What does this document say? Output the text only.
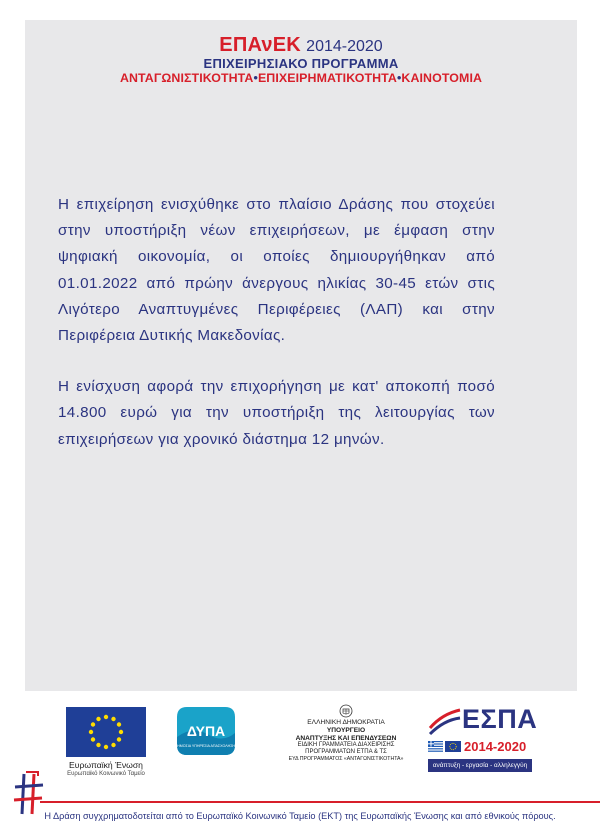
ΕΠΑνΕΚ 2014-2020
ΕΠΙΧΕΙΡΗΣΙΑΚΟ ΠΡΟΓΡΑΜΜΑ
ΑΝΤΑΓΩΝΙΣΤΙΚΟΤΗΤΑ•ΕΠΙΧΕΙΡΗΜΑΤΙΚΟΤΗΤΑ•ΚΑΙΝΟΤΟΜΙΑ

Η επιχείρηση ενισχύθηκε στο πλαίσιο Δράσης που στοχεύει στην υποστήριξη νέων επιχειρήσεων, με έμφαση στην ψηφιακή οικονομία, οι οποίες δημιουργήθηκαν από 01.01.2022 από πρώην άνεργους ηλικίας 30-45 ετών στις Λιγότερο Αναπτυγμένες Περιφέρειες (ΛΑΠ) και στην Περιφέρεια Δυτικής Μακεδονίας.

Η ενίσχυση αφορά την επιχορήγηση με κατ' αποκοπή ποσό 14.800 ευρώ για την υποστήριξη της λειτουργίας των επιχειρήσεων για χρονικό διάστημα 12 μηνών.

Ευρωπαϊκή Ένωση
Ευρωπαϊκό Κοινωνικό Ταμείο
ΔΥΠΑ
ΔΗΜΟΣΙΑ ΥΠΗΡΕΣΙΑ ΑΠΑΣΧΟΛΗΣΗΣ
ΕΛΛΗΝΙΚΗ ΔΗΜΟΚΡΑΤΙΑ
ΥΠΟΥΡΓΕΙΟ
ΑΝΑΠΤΥΞΗΣ ΚΑΙ ΕΠΕΝΔΥΣΕΩΝ
ΕΙΔΙΚΗ ΓΡΑΜΜΑΤΕΙΑ ΔΙΑΧΕΙΡΙΣΗΣ
ΠΡΟΓΡΑΜΜΑΤΩΝ ΕΤΠΑ & ΤΣ
ΕΥΔ ΠΡΟΓΡΑΜΜΑΤΟΣ «ΑΝΤΑΓΩΝΙΣΤΙΚΟΤΗΤΑ»
ΕΣΠΑ
2014-2020
ανάπτυξη - εργασία - αλληλεγγύη
Η Δράση συγχρηματοδοτείται από το Ευρωπαϊκό Κοινωνικό Ταμείο (ΕΚΤ) της Ευρωπαϊκής Ένωσης και από εθνικούς πόρους.
